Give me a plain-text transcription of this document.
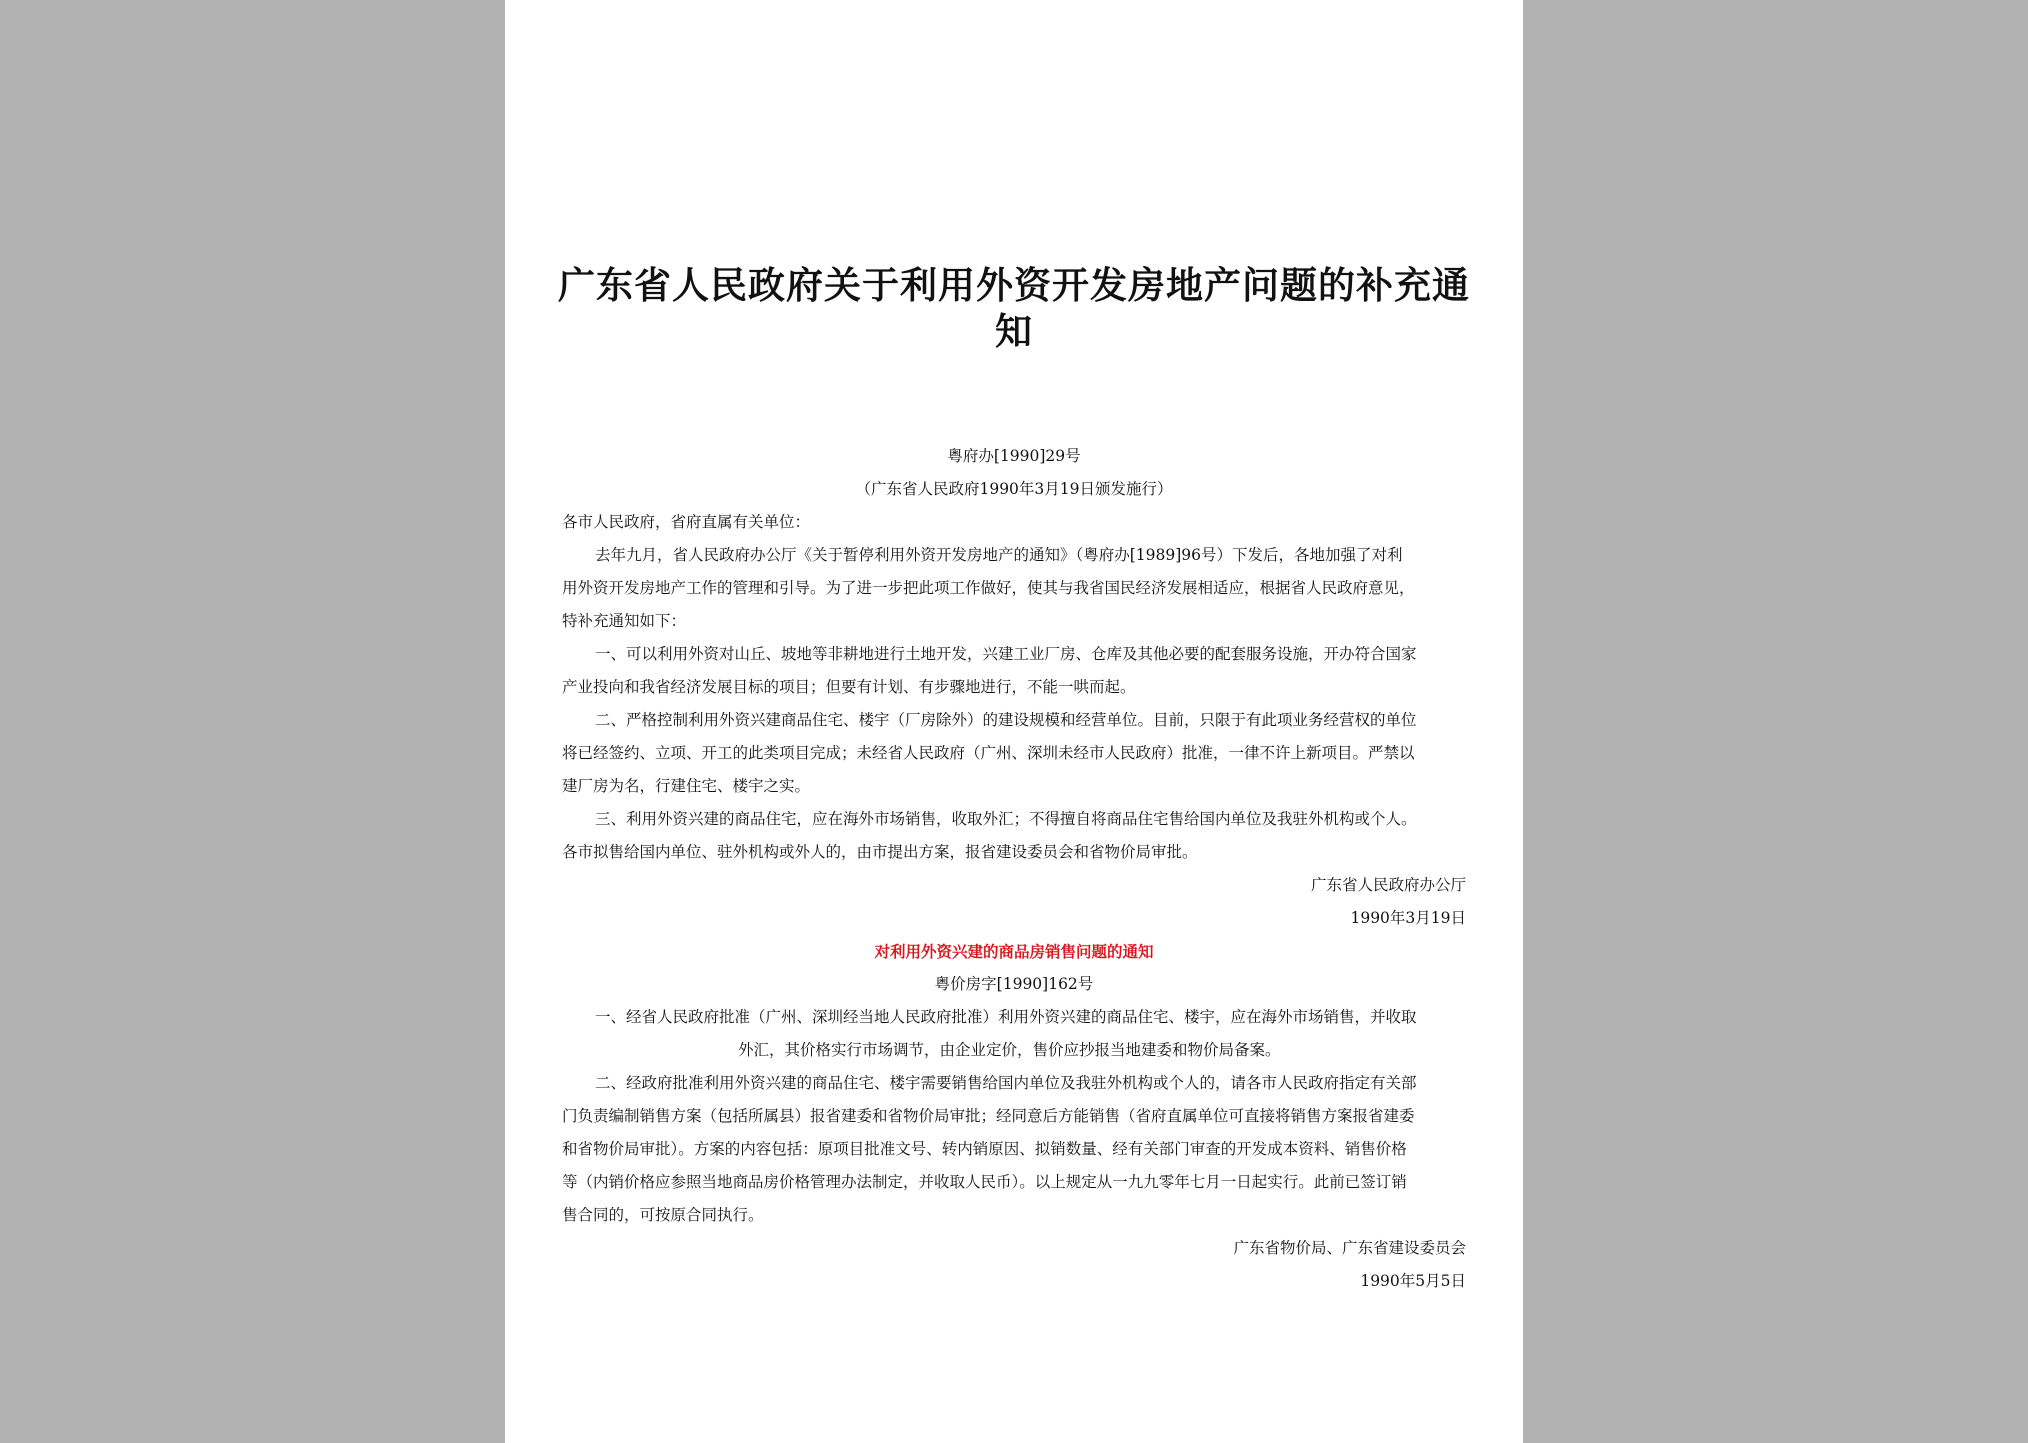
广东省人民政府关于利用外资开发房地产问题的补充通
知
粤府办[1990]29号
（广东省人民政府1990年3月19日颁发施行）
各市人民政府，省府直属有关单位：
去年九月，省人民政府办公厅《关于暂停利用外资开发房地产的通知》（粤府办[1989]96号）下发后，各地加强了对利
用外资开发房地产工作的管理和引导。为了进一步把此项工作做好，使其与我省国民经济发展相适应，根据省人民政府意见，
特补充通知如下：
一、可以利用外资对山丘、坡地等非耕地进行土地开发，兴建工业厂房、仓库及其他必要的配套服务设施，开办符合国家
产业投向和我省经济发展目标的项目；但要有计划、有步骤地进行，不能一哄而起。
二、严格控制利用外资兴建商品住宅、楼宇（厂房除外）的建设规模和经营单位。目前，只限于有此项业务经营权的单位
将已经签约、立项、开工的此类项目完成；未经省人民政府（广州、深圳未经市人民政府）批准，一律不许上新项目。严禁以
建厂房为名，行建住宅、楼宇之实。
三、利用外资兴建的商品住宅，应在海外市场销售，收取外汇；不得擅自将商品住宅售给国内单位及我驻外机构或个人。
各市拟售给国内单位、驻外机构或外人的，由市提出方案，报省建设委员会和省物价局审批。
广东省人民政府办公厅
1990年3月19日
对利用外资兴建的商品房销售问题的通知
粤价房字[1990]162号
一、经省人民政府批准（广州、深圳经当地人民政府批准）利用外资兴建的商品住宅、楼宇，应在海外市场销售，并收取
外汇，其价格实行市场调节，由企业定价，售价应抄报当地建委和物价局备案。
二、经政府批准利用外资兴建的商品住宅、楼宇需要销售给国内单位及我驻外机构或个人的，请各市人民政府指定有关部
门负责编制销售方案（包括所属县）报省建委和省物价局审批；经同意后方能销售（省府直属单位可直接将销售方案报省建委
和省物价局审批）。方案的内容包括：原项目批准文号、转内销原因、拟销数量、经有关部门审查的开发成本资料、销售价格
等（内销价格应参照当地商品房价格管理办法制定，并收取人民币）。以上规定从一九九零年七月一日起实行。此前已签订销
售合同的，可按原合同执行。
广东省物价局、广东省建设委员会
1990年5月5日
